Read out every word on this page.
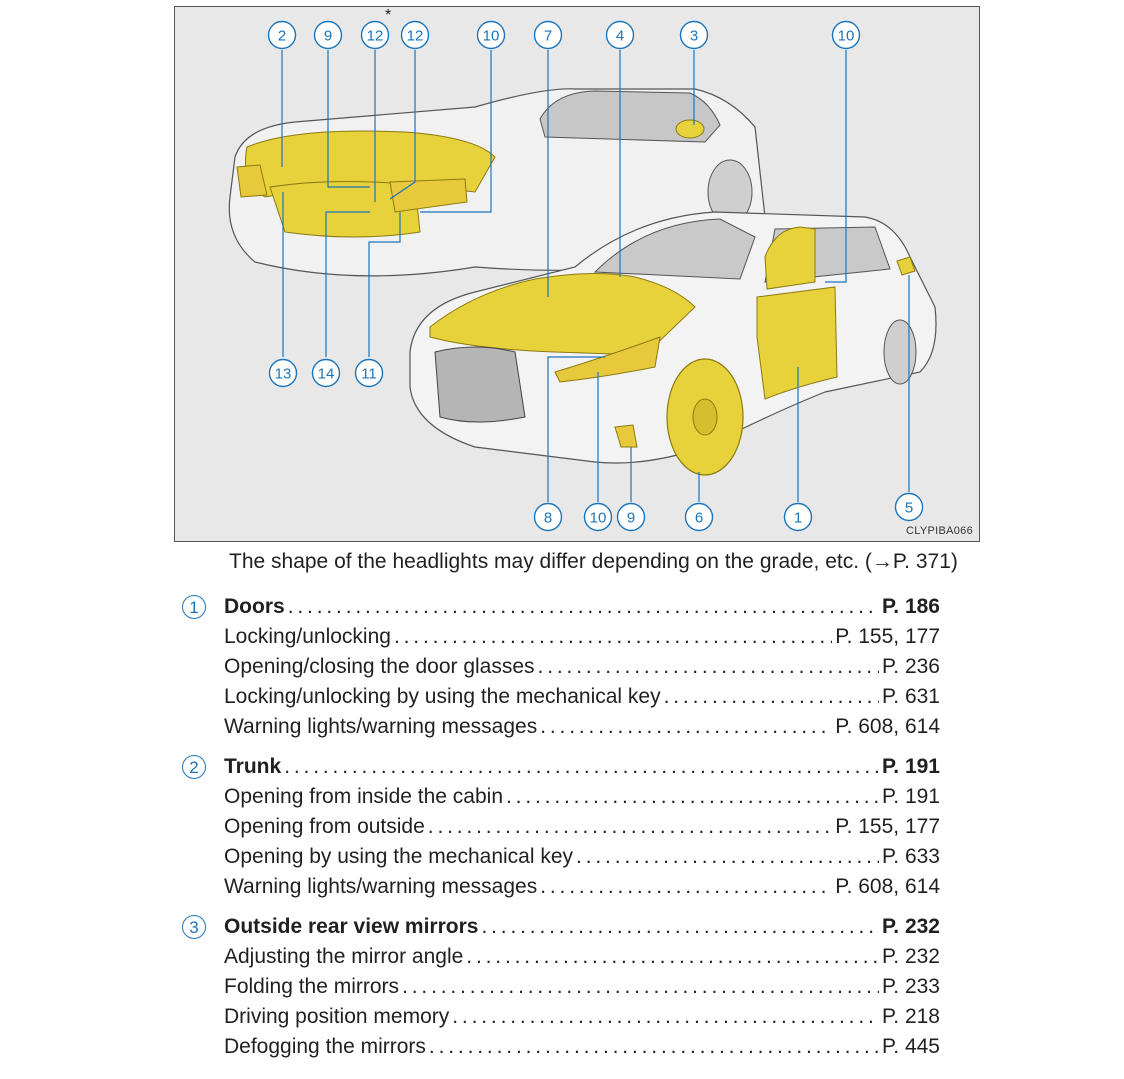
2	9 12 12	10	7	4	3	10
13 14 11
8 10 9	6	1
5
*
CLYPIBA066
The shape of the headlights may differ depending on the grade, etc. (→P. 371)
1	Doors . . .	P. 186
Locking/unlocking . . .	P. 155, 177
Opening/closing the door glasses . . .	P. 236
Locking/unlocking by using the mechanical key . . .	P. 631
Warning lights/warning messages . . .	P. 608, 614
2	Trunk . . .	P. 191
Opening from inside the cabin . . .	P. 191
Opening from outside . . .	P. 155, 177
Opening by using the mechanical key . . .	P. 633
Warning lights/warning messages . . .	P. 608, 614
3	Outside rear view mirrors . . .	P. 232
Adjusting the mirror angle . . .	P. 232
Folding the mirrors . . .	P. 233
Driving position memory . . .	P. 218
Defogging the mirrors . . .	P. 445
